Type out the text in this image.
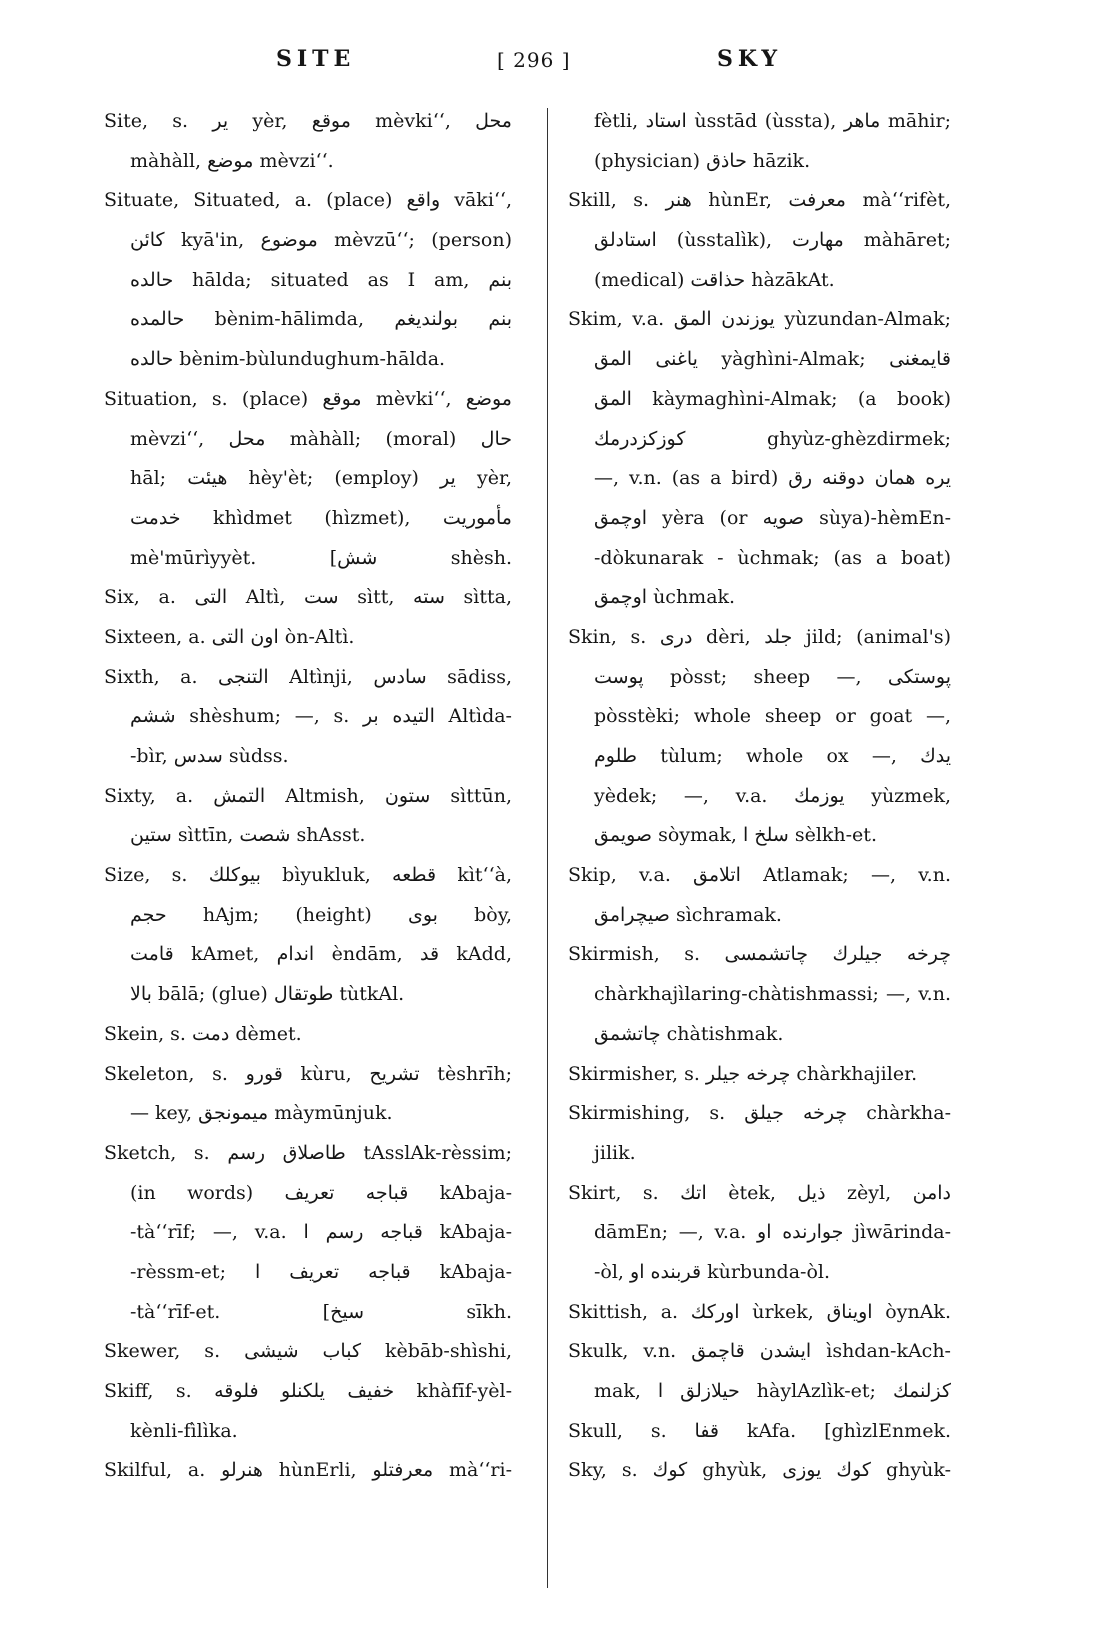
SITE	[ 296 ]	SKY
Site, s. یر yèr, موقع mèvki‘‘, محل
màhàll, موضع mèvzi‘‘.
Situate, Situated, a. (place) واقع vāki‘‘,
كائن kyā'in, موضوع mèvzū‘‘; (person)
حالده hālda; situated as I am, بنم
حالمده bènim-hālimda, بنم بولنديغم
حالده bènim-bùlundughum-hālda.
Situation, s. (place) موقع mèvki‘‘, موضع
mèvzi‘‘, محل màhàll; (moral) حال
hāl; هيئت hèy'èt; (employ) یر yèr,
خدمت khìdmet (hìzmet), مأموريت
mè'mūrìyyèt. [شش shèsh.
Six, a. التى Altì, ست sìtt, سته sìtta,
Sixteen, a. اون التى òn-Altì.
Sixth, a. التنجى Altìnji, سادس sādiss,
ششم shèshum; —, s. التيده بر Altìda-
-bìr, سدس sùdss.
Sixty, a. التمش Altmish, ستون sìttūn,
ستين sìttīn, شصت shAsst.
Size, s. بيوكلك bìyukluk, قطعه kìt‘‘à,
حجم hAjm; (height) بوى bòy,
قامت kAmet, اندام èndām, قد kAdd,
بالا bālā; (glue) طوتقال tùtkAl.
Skein, s. دمت dèmet.
Skeleton, s. قورو kùru, تشريح tèshrīh;
— key, ميمونجق màymūnjuk.
Sketch, s. طاصلاق رسم tAsslAk-rèssim;
(in words) قباجه تعريف kAbaja-
-tà‘‘rīf; —, v.a. قباجه رسم ا kAbaja-
-rèssm-et; قباجه تعريف ا kAbaja-
-tà‘‘rīf-et. [سيخ sīkh.
Skewer, s. كباب شيشى kèbāb-shìshi,
Skiff, s. خفيف يلكنلو فلوقه khàfīf-yèl-
kènli-fìlìka.
Skilful, a. هنرلو hùnErli, معرفتلو mà‘‘ri-
fètli, استاد ùsstād (ùssta), ماهر māhir;
(physician) حاذق hāzik.
Skill, s. هنر hùnEr, معرفت mà‘‘rifèt,
استادلق (ùsstalìk), مهارت màhāret;
(medical) حذاقت hàzākAt.
Skim, v.a. يوزندن المق yùzundan-Almak;
ياغنى المق yàghìni-Almak; قايمغنى
المق kàymaghìni-Almak; (a book)
كوزكزدرمك ghyùz-ghèzdirmek;
—, v.n. (as a bird) يره همان دوقنه رق
اوچمق yèra (or صويه sùya)-hèmEn-
-dòkunarak - ùchmak; (as a boat)
اوچمق ùchmak.
Skin, s. درى dèri, جلد jild; (animal's)
پوست pòsst; sheep —, پوستكى
pòsstèki; whole sheep or goat —,
طلوم tùlum; whole ox —, يدك
yèdek; —, v.a. يوزمك yùzmek,
صويمق sòymak, سلخ ا sèlkh-et.
Skip, v.a. اتلامق Atlamak; —, v.n.
صيچرامق sìchramak.
Skirmish, s. چرخه جيلرك چاتشمسى
chàrkhajìlaring-chàtishmassi; —, v.n.
چاتشمق chàtishmak.
Skirmisher, s. چرخه جيلر chàrkhajiler.
Skirmishing, s. چرخه جيلق chàrkha-
jilik.
Skirt, s. اتك ètek, ذيل zèyl, دامن
dāmEn; —, v.a. جوارنده او jìwārinda-
-òl, قربنده او kùrbunda-òl.
Skittish, a. اوركك ùrkek, اويناق òynAk.
Skulk, v.n. ايشدن قاچمق ìshdan-kAch-
mak, حيلازلق ا hàylAzlìk-et; كزلنمك
Skull, s. قفا kAfa. [ghìzlEnmek.
Sky, s. كوك ghyùk, كوك يوزى ghyùk-
